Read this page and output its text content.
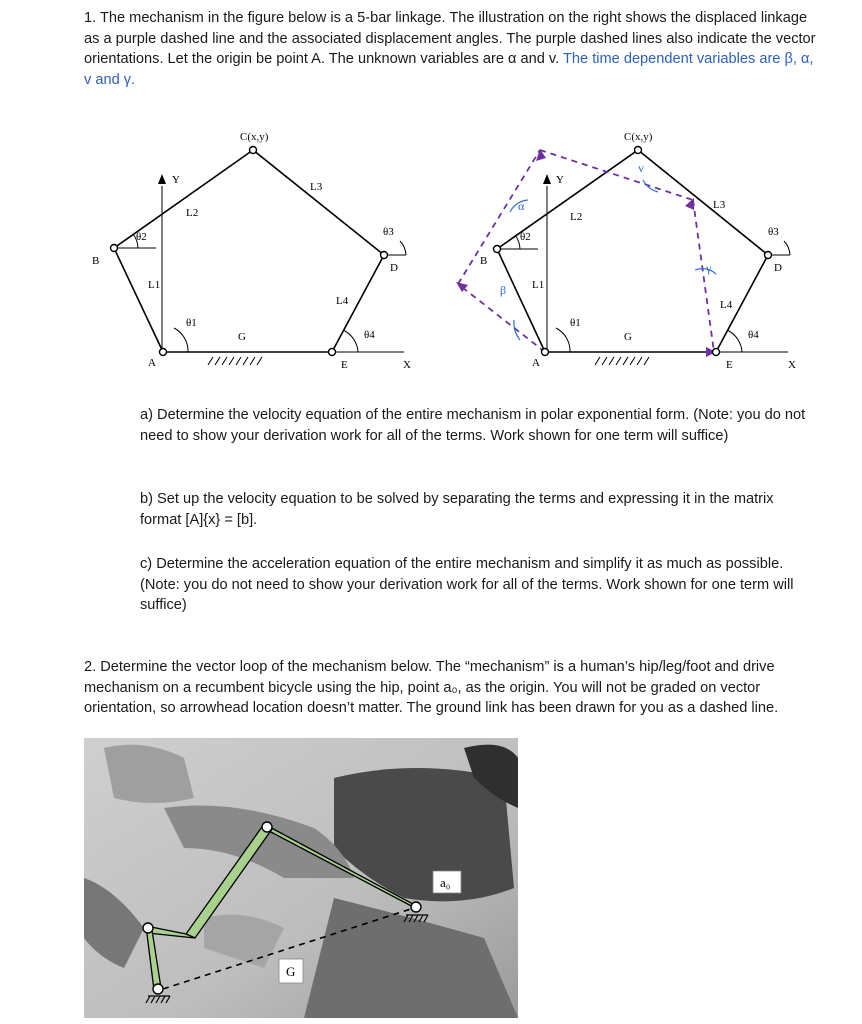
1. The mechanism in the figure below is a 5-bar linkage. The illustration on the right shows the displaced linkage as a purple dashed line and the associated displacement angles. The purple dashed lines also indicate the vector orientations. Let the origin be point A. The unknown variables are α and v. The time dependent variables are β, α, v and γ.

C(x,y)
Y
L3
L2
θ2	θ3
B
D
L1
L4
θ1
G	θ4
A	E	X
C(x,y)
Y
L3
L2
θ2	θ3
B
D
L1
L4
θ1
G	θ4
A	E	X
v
α
γ
β

a) Determine the velocity equation of the entire mechanism in polar exponential form. (Note: you do not need to show your derivation work for all of the terms. Work shown for one term will suffice)

b) Set up the velocity equation to be solved by separating the terms and expressing it in the matrix format [A]{x} = [b].

c) Determine the acceleration equation of the entire mechanism and simplify it as much as possible. (Note: you do not need to show your derivation work for all of the terms. Work shown for one term will suffice)

2. Determine the vector loop of the mechanism below. The “mechanism” is a human’s hip/leg/foot and drive mechanism on a recumbent bicycle using the hip, point a₀, as the origin. You will not be graded on vector orientation, so arrowhead location doesn’t matter. The ground link has been drawn for you as a dashed line.

a₀
G
